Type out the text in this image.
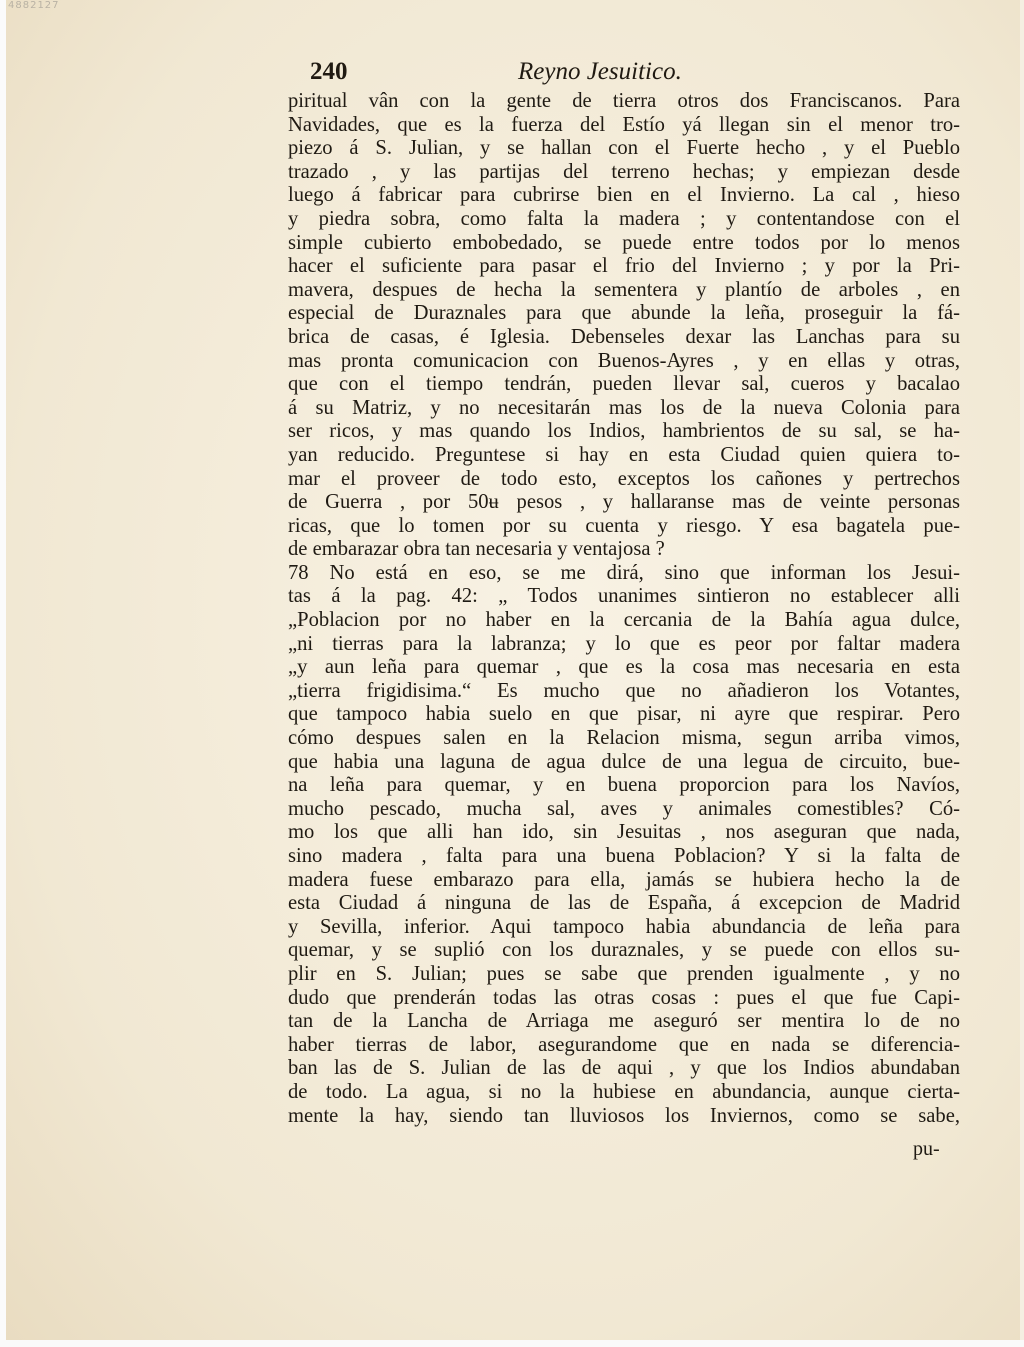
4882127
240	Reyno Jesuitico.
piritual vân con la gente de tierra otros dos Franciscanos. Para
Navidades, que es la fuerza del Estío yá llegan sin el menor tro-
piezo á S. Julian, y se hallan con el Fuerte hecho , y el Pueblo
trazado , y las partijas del terreno hechas; y empiezan desde
luego á fabricar para cubrirse bien en el Invierno. La cal , hieso
y piedra sobra, como falta la madera ; y contentandose con el
simple cubierto embobedado, se puede entre todos por lo menos
hacer el suficiente para pasar el frio del Invierno ; y por la Pri-
mavera, despues de hecha la sementera y plantío de arboles , en
especial de Duraznales para que abunde la leña, proseguir la fá-
brica de casas, é Iglesia. Debenseles dexar las Lanchas para su
mas pronta comunicacion con Buenos-Ayres , y en ellas y otras,
que con el tiempo tendrán, pueden llevar sal, cueros y bacalao
á su Matriz, y no necesitarán mas los de la nueva Colonia para
ser ricos, y mas quando los Indios, hambrientos de su sal, se ha-
yan reducido. Preguntese si hay en esta Ciudad quien quiera to-
mar el proveer de todo esto, exceptos los cañones y pertrechos
de Guerra , por 50ʉ pesos , y hallaranse mas de veinte personas
ricas, que lo tomen por su cuenta y riesgo. Y esa bagatela pue-
de embarazar obra tan necesaria y ventajosa ?
78 No está en eso, se me dirá, sino que informan los Jesui-
tas á la pag. 42: „ Todos unanimes sintieron no establecer alli
„Poblacion por no haber en la cercania de la Bahía agua dulce,
„ni tierras para la labranza; y lo que es peor por faltar madera
„y aun leña para quemar , que es la cosa mas necesaria en esta
„tierra frigidisima.“ Es mucho que no añadieron los Votantes,
que tampoco habia suelo en que pisar, ni ayre que respirar. Pero
cómo despues salen en la Relacion misma, segun arriba vimos,
que habia una laguna de agua dulce de una legua de circuito, bue-
na leña para quemar, y en buena proporcion para los Navíos,
mucho pescado, mucha sal, aves y animales comestibles? Có-
mo los que alli han ido, sin Jesuitas , nos aseguran que nada,
sino madera , falta para una buena Poblacion? Y si la falta de
madera fuese embarazo para ella, jamás se hubiera hecho la de
esta Ciudad á ninguna de las de España, á excepcion de Madrid
y Sevilla, inferior. Aqui tampoco habia abundancia de leña para
quemar, y se suplió con los duraznales, y se puede con ellos su-
plir en S. Julian; pues se sabe que prenden igualmente , y no
dudo que prenderán todas las otras cosas : pues el que fue Capi-
tan de la Lancha de Arriaga me aseguró ser mentira lo de no
haber tierras de labor, asegurandome que en nada se diferencia-
ban las de S. Julian de las de aqui , y que los Indios abundaban
de todo. La agua, si no la hubiese en abundancia, aunque cierta-
mente la hay, siendo tan lluviosos los Inviernos, como se sabe,
pu-
